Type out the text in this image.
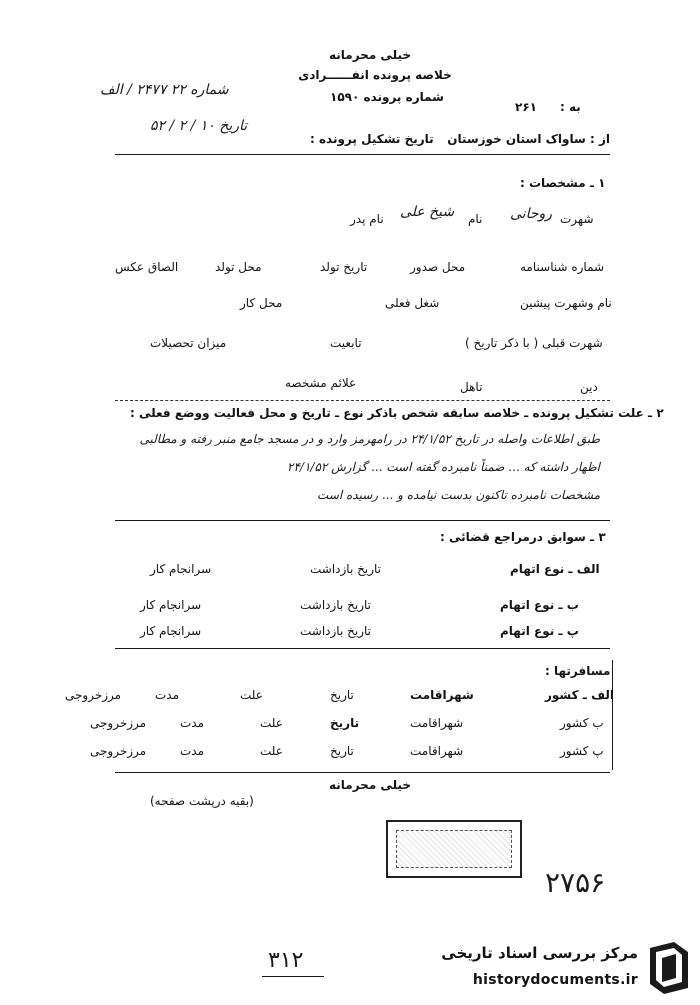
خیلی محرمانه
خلاصه پرونده انفــــــرادی
شماره پرونده ۱۵۹۰
شماره ۲۲ ۲۴۷۷ / الف
تاریخ ۱۰ / ۲ / ۵۲
به :
۲۶۱
از : ساواک استان خوزستان
تاریخ تشکیل پرونده :
۱ ـ مشخصات :
شهرت
روحانی
نام
شیخ علی
نام پدر
شماره شناسنامه
محل صدور
تاریخ تولد
محل تولد
الصاق عکس
نام وشهرت پیشین
شغل فعلی
محل کار
شهرت قبلی ( با ذکر تاریخ )
تابعیت
میزان تحصیلات
دین
تاهل
علائم مشخصه
۲ ـ علت تشکیل پرونده ـ خلاصه سابقه شخص باذکر نوع ـ تاریخ و محل فعالیت ووضع فعلی :
طبق اطلاعات واصله در تاریخ ۲۴/۱/۵۲ در رامهرمز وارد و در مسجد جامع منبر رفته و مطالبی
اظهار داشته که ... ضمناً نامبرده گفته است ... گزارش ۲۴/۱/۵۲
مشخصات نامبرده تاکنون بدست نیامده و ... رسیده است
۳ ـ سوابق درمراجع قضائی :
الف ـ نوع اتهام
تاریخ بازداشت
سرانجام کار
ب ـ نوع اتهام
تاریخ بازداشت
سرانجام کار
پ ـ نوع اتهام
تاریخ بازداشت
سرانجام کار
مسافرتها :
الف ـ کشور
شهراقامت
تاریخ
علت
مدت
مرزخروجی
ب کشور
شهراقامت
تاریخ
علت
مدت
مرزخروجی
پ کشور
شهراقامت
تاریخ
علت
مدت
مرزخروجی
خیلی محرمانه
(بقیه درپشت صفحه)
۲۷۵۶
۳۱۲	مرکز بررسی اسناد تاریخی
historydocuments.ir
